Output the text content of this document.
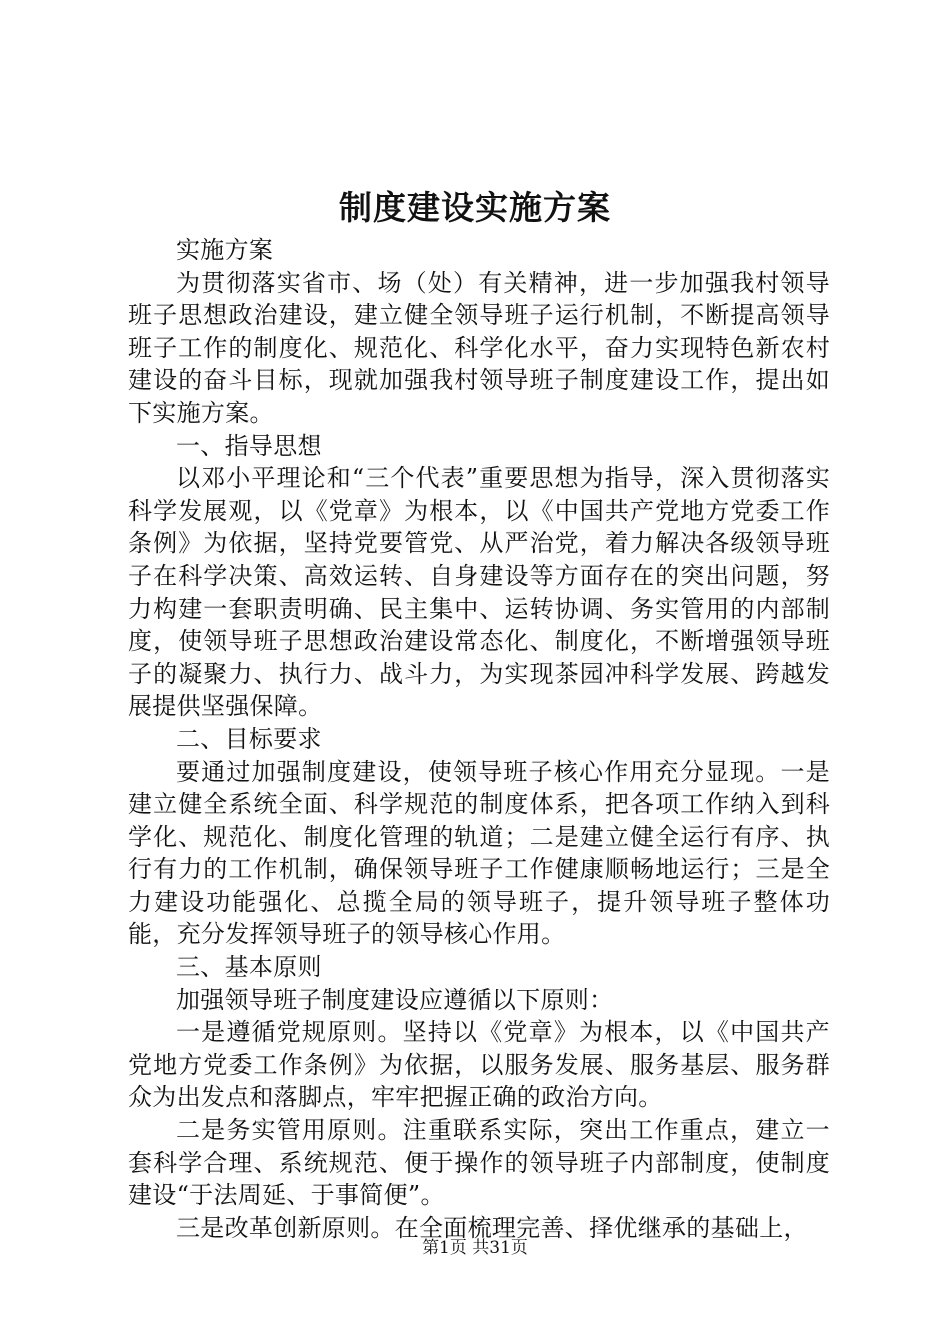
制度建设实施方案

实施方案

为贯彻落实省市、场（处）有关精神，进一步加强我村领导班子思想政治建设，建立健全领导班子运行机制，不断提高领导班子工作的制度化、规范化、科学化水平，奋力实现特色新农村建设的奋斗目标，现就加强我村领导班子制度建设工作，提出如下实施方案。

一、指导思想

以邓小平理论和“三个代表”重要思想为指导，深入贯彻落实科学发展观，以《党章》为根本，以《中国共产党地方党委工作条例》为依据，坚持党要管党、从严治党，着力解决各级领导班子在科学决策、高效运转、自身建设等方面存在的突出问题，努力构建一套职责明确、民主集中、运转协调、务实管用的内部制度，使领导班子思想政治建设常态化、制度化，不断增强领导班子的凝聚力、执行力、战斗力，为实现茶园冲科学发展、跨越发展提供坚强保障。

二、目标要求

要通过加强制度建设，使领导班子核心作用充分显现。一是建立健全系统全面、科学规范的制度体系，把各项工作纳入到科学化、规范化、制度化管理的轨道；二是建立健全运行有序、执行有力的工作机制，确保领导班子工作健康顺畅地运行；三是全力建设功能强化、总揽全局的领导班子，提升领导班子整体功能，充分发挥领导班子的领导核心作用。

三、基本原则

加强领导班子制度建设应遵循以下原则：

一是遵循党规原则。坚持以《党章》为根本，以《中国共产党地方党委工作条例》为依据，以服务发展、服务基层、服务群众为出发点和落脚点，牢牢把握正确的政治方向。

二是务实管用原则。注重联系实际，突出工作重点，建立一套科学合理、系统规范、便于操作的领导班子内部制度，使制度建设“于法周延、于事简便”。

三是改革创新原则。在全面梳理完善、择优继承的基础上，

第1页 共31页
